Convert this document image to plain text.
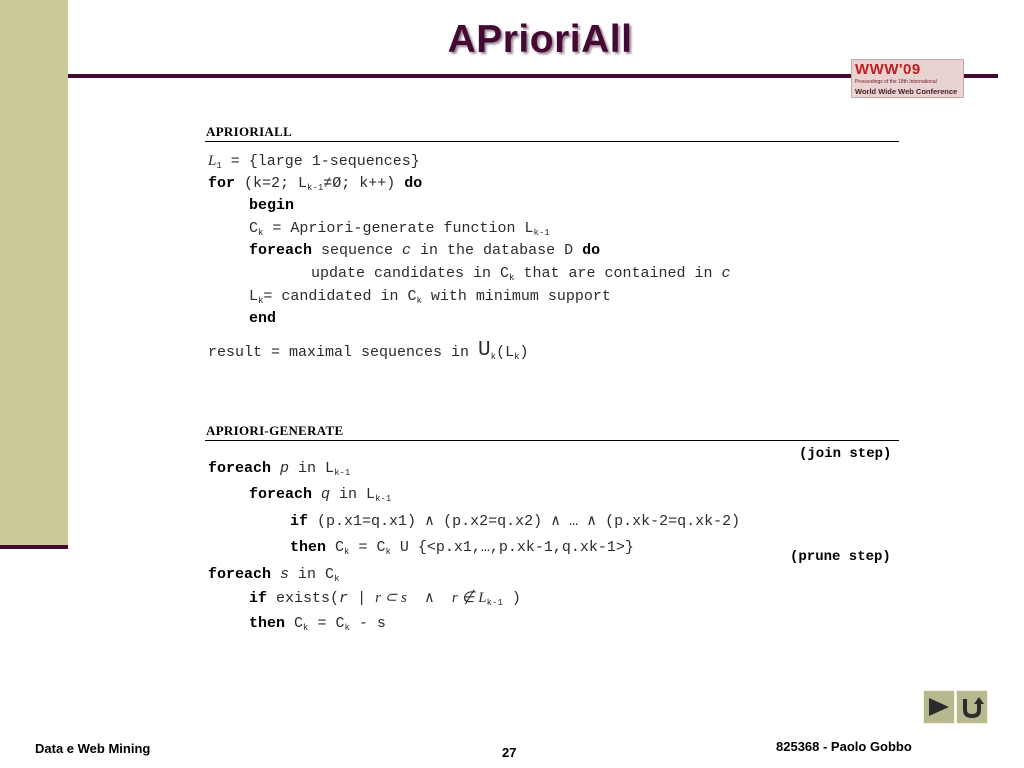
APrioriAll
WWW'09
Proceedings of the 18th International
World Wide Web Conference
APRIORIALL
$L_1$ = {large 1-sequences}
for (k=2; $L_{k-1}\ne Ø$; k++) do
begin
$C_k$ = Apriori-generate function $L_{k-1}$
foreach sequence c in the database D do
update candidates in $C_k$ that are contained in c
$L_k=$ candidated in $C_k$ with minimum support
end
result = maximal sequences in $U_k(L_k)$
APRIORI-GENERATE
(join step)
(prune step)
foreach p in $L_{k-1}$
foreach q in $L_{k-1}$
if (p.x1=q.x1) ∧ (p.x2=q.x2) ∧ … ∧ (p.xk-2=q.xk-2)
then $C_k = C_k$ U {<p.x1,…,p.xk-1,q.xk-1>}
foreach s in $C_k$
if exists(r | r ⊂ s ∧ r ∉ $L_{k-1}$ )
then $C_k = C_k - s$
Data e Web Mining	27	825368 - Paolo Gobbo
